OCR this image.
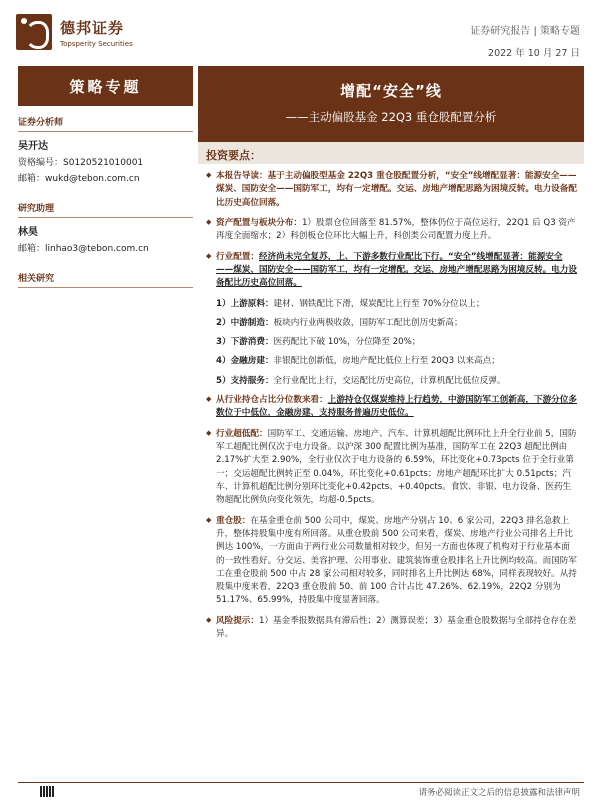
德邦证券
Topsperity Securities
证券研究报告 | 策略专题
2022 年 10 月 27 日
策略专题	增配“安全”线
——主动偏股基金 22Q3 重仓股配置分析
证券分析师
吴开达
资格编号：S0120521010001
邮箱：wukd@tebon.com.cn
研究助理
林昊
邮箱：linhao3@tebon.com.cn
相关研究
投资要点：
◆ 本报告导读：基于主动偏股型基金 22Q3 重仓股配置分析，“安全”线增配显著：能源安全——煤炭、国防安全——国防军工，均有一定增配。交运、房地产增配思路为困境反转。电力设备配比历史高位回落。
◆ 资产配置与板块分布：1）股票仓位回落至 81.57%，整体仍位于高位运行，22Q1 后 Q3 资产再度全面缩水；2）科创板仓位环比大幅上升，科创类公司配置力度上升。
◆ 行业配置：经济尚未完全复苏，上、下游多数行业配比下行。“安全”线增配显著：能源安全——煤炭、国防安全——国防军工，均有一定增配。交运、房地产增配思路为困境反转。电力设备配比历史高位回落。
1）上游原料：建材、钢铁配比下滑，煤炭配比上行至 70%分位以上；
2）中游制造：板块内行业两极收敛，国防军工配比创历史新高；
3）下游消费：医药配比下破 10%，分位降至 20%；
4）金融房建：非银配比创新低，房地产配比低位上行至 20Q3 以来高点；
5）支持服务：全行业配比上行，交运配比历史高位，计算机配比低位反弹。
◆ 从行业持仓占比分位数来看：上游持仓仅煤炭维持上行趋势，中游国防军工创新高，下游分位多数位于中低位，金融房建、支持服务普遍历史低位。
◆ 行业超低配：国防军工、交通运输、房地产、汽车、计算机超配比例环比上升全行业前 5，国防军工超配比例仅次于电力设备。以沪深 300 配置比例为基准，国防军工在 22Q3 超配比例由 2.17%扩大至 2.90%，全行业仅次于电力设备的 6.59%，环比变化+0.73pcts 位于全行业第一；交运超配比例转正至 0.04%，环比变化+0.61pcts；房地产超配环比扩大 0.51pcts；汽车、计算机超配比例分别环比变化+0.42pcts、+0.40pcts。食饮、非银、电力设备、医药生物超配比例负向变化领先，均超-0.5pcts。
◆ 重仓股：在基金重仓前 500 公司中，煤炭、房地产分别占 10、6 家公司，22Q3 排名急救上升，整体持股集中度有所回落。从重仓股前 500 公司来看，煤炭、房地产行业公司排名上升比例达 100%，一方面由于两行业公司数量相对较少，但另一方面也体现了机构对于行业基本面的一致性看好。分交运、美容护理、公用事业、建筑装饰重仓股排名上升比例均较高。而国防军工在重仓股前 500 中占 28 家公司相对较多，同时排名上升比例达 68%，同样表现较好。从持股集中度来看，22Q3 重仓股前 50、前 100 合计占比 47.26%、62.19%，22Q2 分别为 51.17%、65.99%，持股集中度显著回落。
◆ 风险提示：1）基金季报数据具有滞后性；2）测算误差；3）基金重仓股数据与全部持仓存在差异。
请务必阅读正文之后的信息披露和法律声明
